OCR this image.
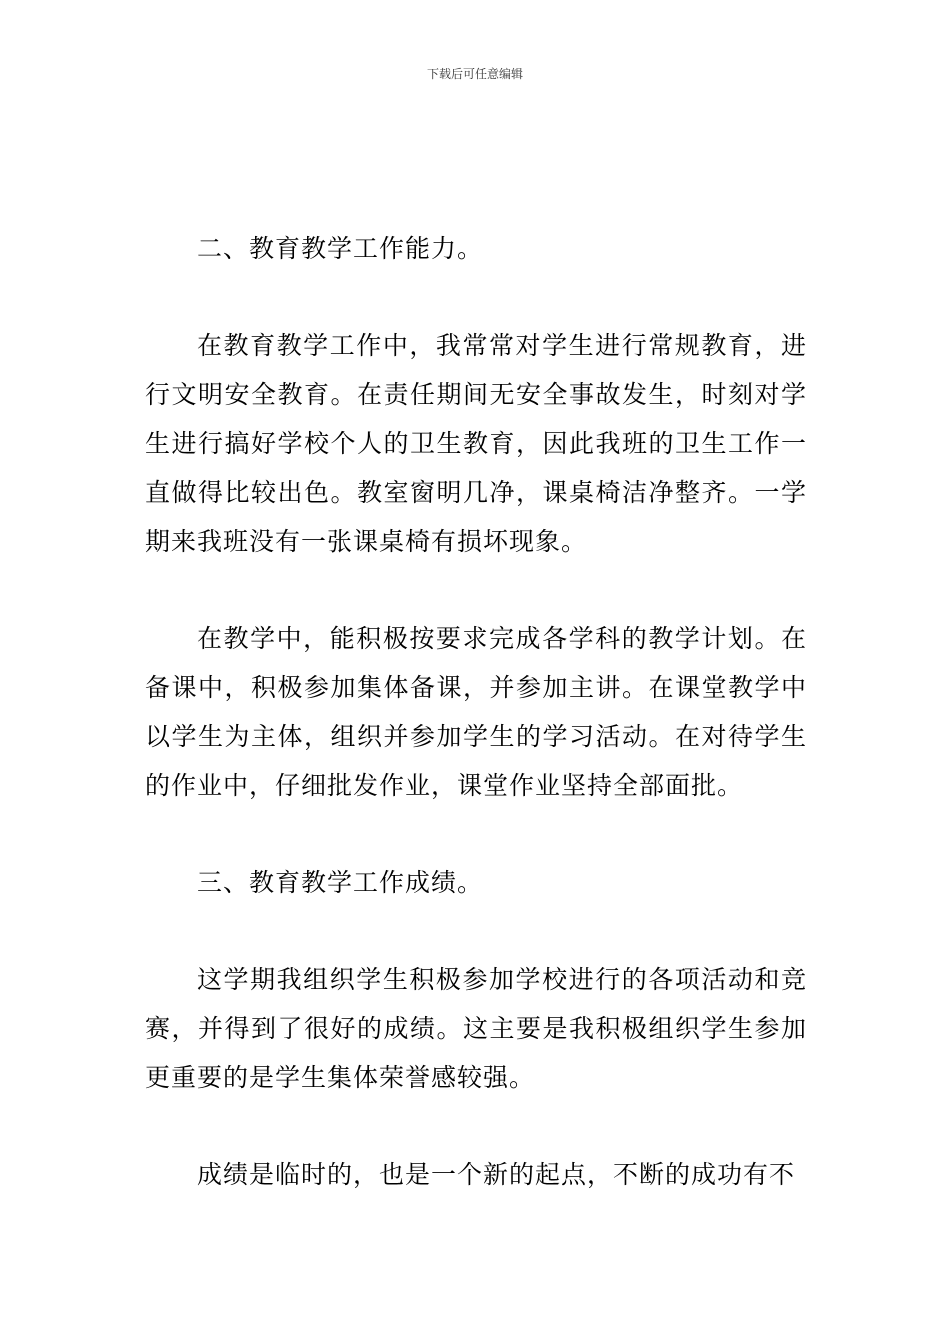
下载后可任意编辑

二、教育教学工作能力。

在教育教学工作中，我常常对学生进行常规教育，进行文明安全教育。在责任期间无安全事故发生，时刻对学生进行搞好学校个人的卫生教育，因此我班的卫生工作一直做得比较出色。教室窗明几净，课桌椅洁净整齐。一学期来我班没有一张课桌椅有损坏现象。

在教学中，能积极按要求完成各学科的教学计划。在备课中，积极参加集体备课，并参加主讲。在课堂教学中以学生为主体，组织并参加学生的学习活动。在对待学生的作业中，仔细批发作业，课堂作业坚持全部面批。

三、教育教学工作成绩。

这学期我组织学生积极参加学校进行的各项活动和竞赛，并得到了很好的成绩。这主要是我积极组织学生参加更重要的是学生集体荣誉感较强。

成绩是临时的，也是一个新的起点，不断的成功有不
